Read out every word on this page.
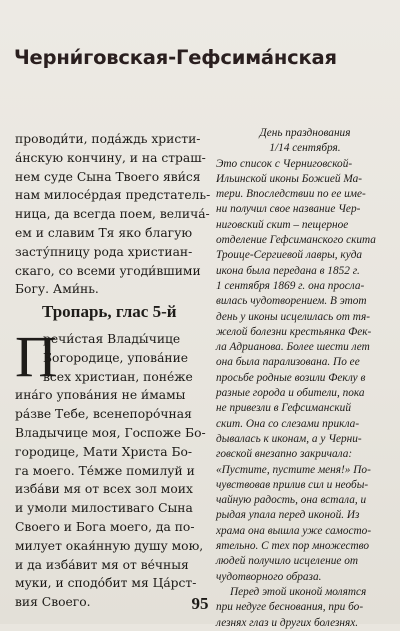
Черни́говская-Гефсима́нская
проводи́ти, пода́ждь христи-
а́нскую кончину, и на страш-
нем суде Сына Твоего яви́ся
нам милосе́рдая предстатель-
ница, да всегда поем, велича́-
ем и славим Тя яко благую
засту́пницу рода христиан-
скаго, со всеми угоди́вшими
Богу. Ами́нь.
Тропарь, глас 5-й
П
речи́стая Влады́чице
Богородице, упова́ние
всех христиан, поне́же
ина́го упова́ния не и́мамы
ра́зве Тебе, всенепоро́чная
Владычице моя, Госпоже Бо-
городице, Мати Христа Бо-
га моего. Те́мже помилуй и
изба́ви мя от всех зол моих
и умоли милостиваго Сына
Своего и Бога моего, да по-
милует окая́нную душу мою,
и да изба́вит мя от ве́чныя
муки, и сподо́бит мя Ца́рст-
вия Своего.
День празднования
1/14 сентября.
Это список с Черниговской-
Ильинской иконы Божией Ма-
тери. Впоследствии по ее име-
ни получил свое название Чер-
ниговский скит – пещерное
отделение Гефсиманского скита
Троице-Сергиевой лавры, куда
икона была передана в 1852 г.
1 сентября 1869 г. она просла-
вилась чудотворением. В этот
день у иконы исцелилась от тя-
желой болезни крестьянка Фек-
ла Адрианова. Более шести лет
она была парализована. По ее
просьбе родные возили Феклу в
разные города и обители, пока
не привезли в Гефсиманский
скит. Она со слезами прикла-
дывалась к иконам, а у Черни-
говской внезапно закричала:
«Пустите, пустите меня!» По-
чувствовав прилив сил и необы-
чайную радость, она встала, и
рыдая упала перед иконой. Из
храма она вышла уже самосто-
ятельно. С тех пор множество
людей получило исцеление от
чудотворного образа.
Перед этой иконой молятся
при недуге беснования, при бо-
лезнях глаз и других болезнях.
95
